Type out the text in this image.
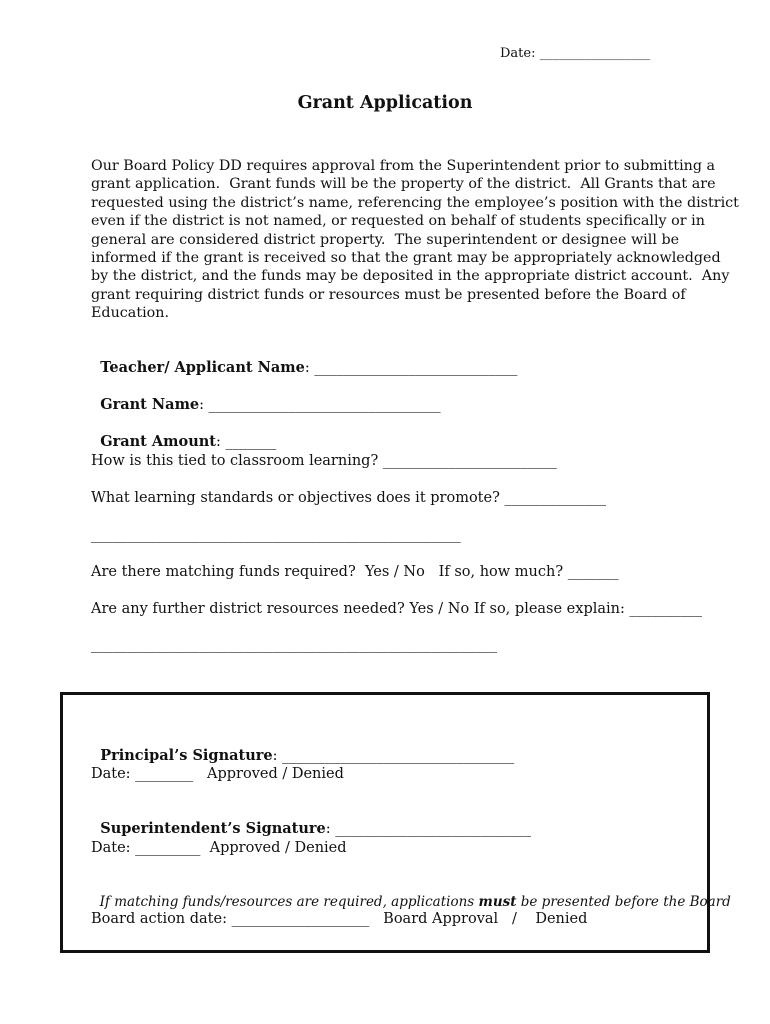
Date: _________________
Grant Application
Our Board Policy DD requires approval from the Superintendent prior to submitting a
grant application.  Grant funds will be the property of the district.  All Grants that are
requested using the district’s name, referencing the employee’s position with the district
even if the district is not named, or requested on behalf of students specifically or in
general are considered district property.  The superintendent or designee will be
informed if the grant is received so that the grant may be appropriately acknowledged
by the district, and the funds may be deposited in the appropriate district account.  Any
grant requiring district funds or resources must be presented before the Board of
Education.

Teacher/ Applicant Name: ____________________________

Grant Name: ________________________________

Grant Amount: _______

How is this tied to classroom learning? ________________________
What learning standards or objectives does it promote? ______________
___________________________________________________
Are there matching funds required?  Yes / No   If so, how much? _______
Are any further district resources needed? Yes / No If so, please explain: __________
________________________________________________________

Principal’s Signature: ________________________________

Date: ________   Approved / Denied

Superintendent’s Signature: ___________________________

Date: _________  Approved / Denied

If matching funds/resources are required, applications must be presented before the Board

Board action date: ___________________   Board Approval   /    Denied
